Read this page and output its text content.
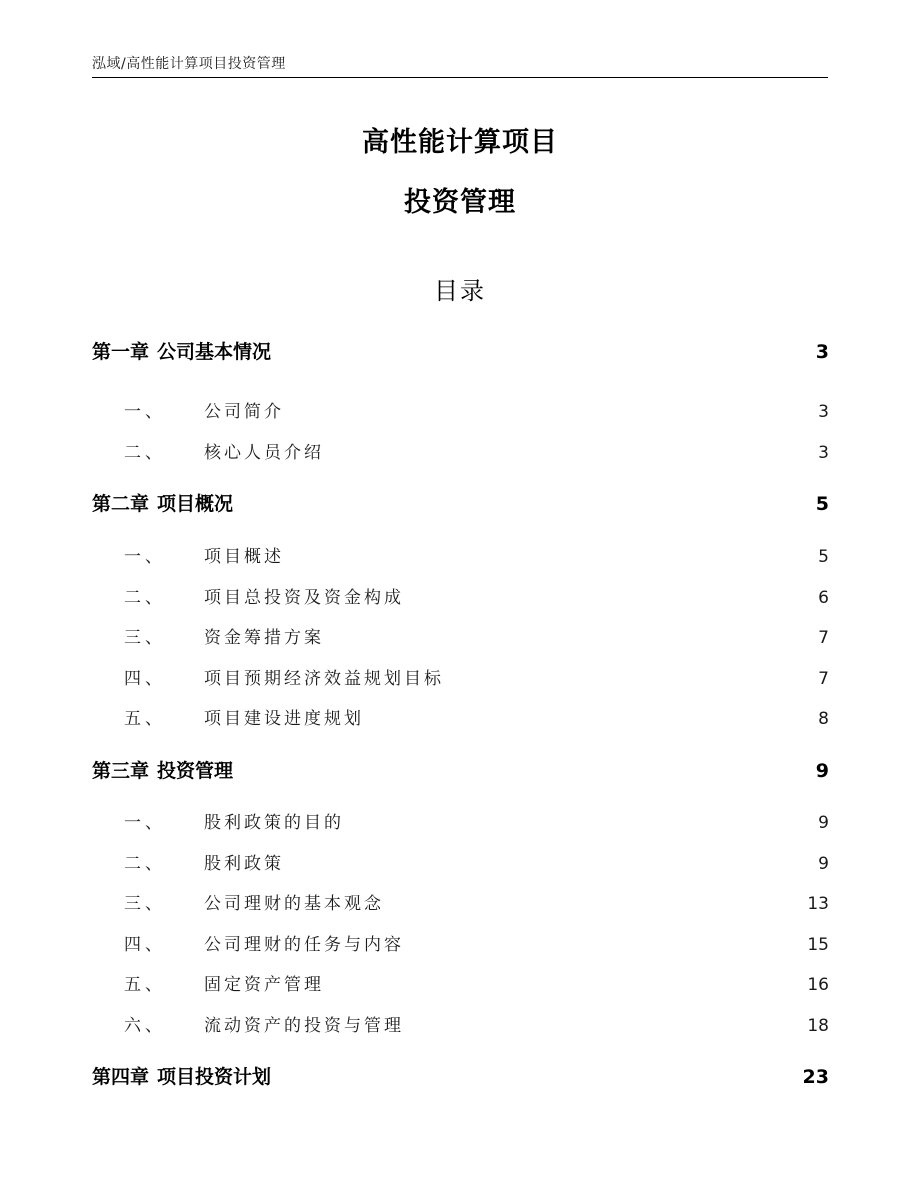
泓域/高性能计算项目投资管理
高性能计算项目
投资管理
目录
第一章 公司基本情况	3
一、	公司简介	3
二、	核心人员介绍	3
第二章 项目概况	5
一、	项目概述	5
二、	项目总投资及资金构成	6
三、	资金筹措方案	7
四、	项目预期经济效益规划目标	7
五、	项目建设进度规划	8
第三章 投资管理	9
一、	股利政策的目的	9
二、	股利政策	9
三、	公司理财的基本观念	13
四、	公司理财的任务与内容	15
五、	固定资产管理	16
六、	流动资产的投资与管理	18
第四章 项目投资计划	23
